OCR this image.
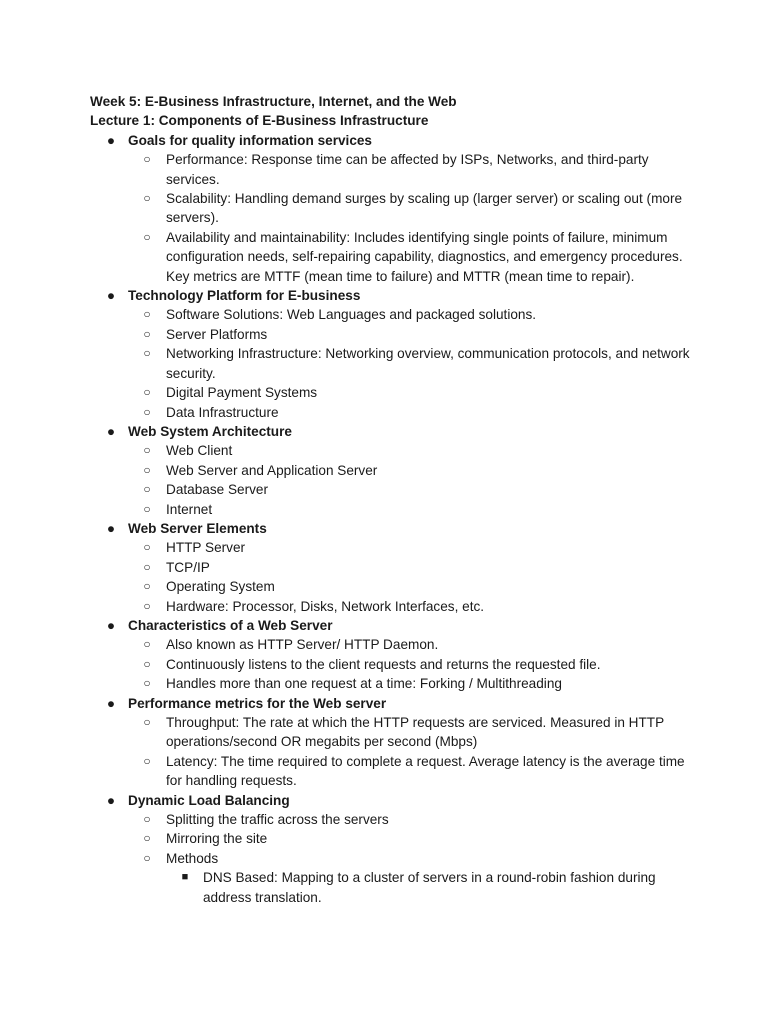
Week 5: E-Business Infrastructure, Internet, and the Web

Lecture 1: Components of E-Business Infrastructure

● Goals for quality information services
○ Performance: Response time can be affected by ISPs, Networks, and third-party services.
○ Scalability: Handling demand surges by scaling up (larger server) or scaling out (more servers).
○ Availability and maintainability: Includes identifying single points of failure, minimum configuration needs, self-repairing capability, diagnostics, and emergency procedures. Key metrics are MTTF (mean time to failure) and MTTR (mean time to repair).
● Technology Platform for E-business
○ Software Solutions: Web Languages and packaged solutions.
○ Server Platforms
○ Networking Infrastructure: Networking overview, communication protocols, and network security.
○ Digital Payment Systems
○ Data Infrastructure
● Web System Architecture
○ Web Client
○ Web Server and Application Server
○ Database Server
○ Internet
● Web Server Elements
○ HTTP Server
○ TCP/IP
○ Operating System
○ Hardware: Processor, Disks, Network Interfaces, etc.
● Characteristics of a Web Server
○ Also known as HTTP Server/ HTTP Daemon.
○ Continuously listens to the client requests and returns the requested file.
○ Handles more than one request at a time: Forking / Multithreading
● Performance metrics for the Web server
○ Throughput: The rate at which the HTTP requests are serviced. Measured in HTTP operations/second OR megabits per second (Mbps)
○ Latency: The time required to complete a request. Average latency is the average time for handling requests.
● Dynamic Load Balancing
○ Splitting the traffic across the servers
○ Mirroring the site
○ Methods
■ DNS Based: Mapping to a cluster of servers in a round-robin fashion during address translation.
